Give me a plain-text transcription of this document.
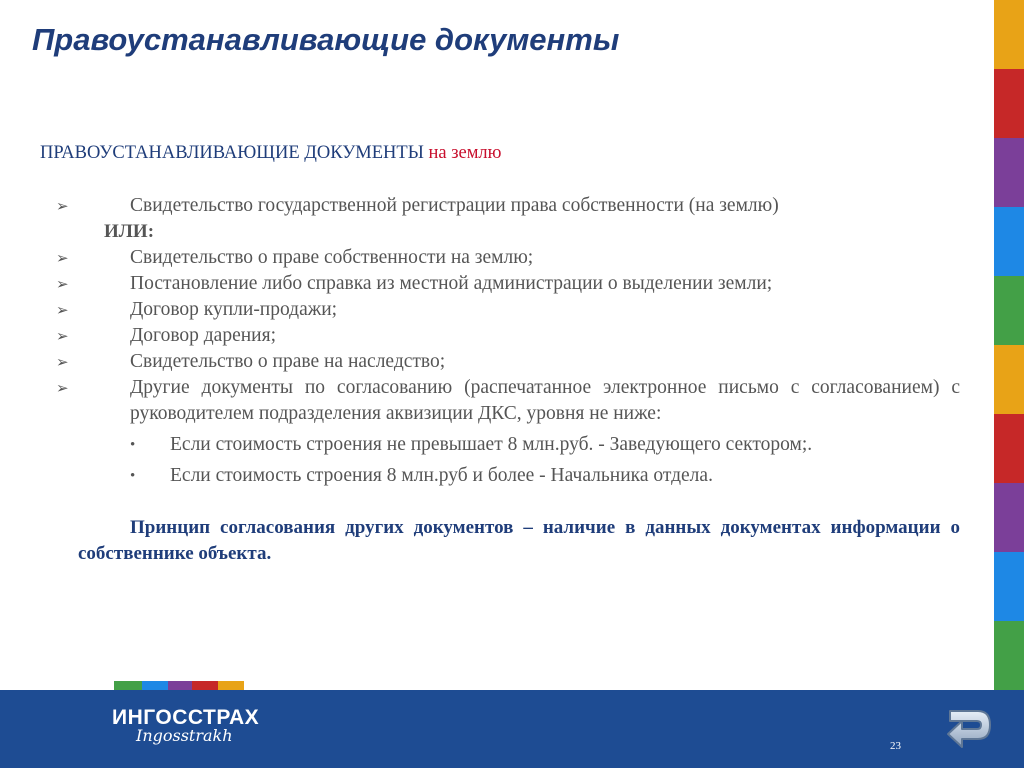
Правоустанавливающие документы
ПРАВОУСТАНАВЛИВАЮЩИЕ ДОКУМЕНТЫ на землю
➢	Свидетельство государственной регистрации права собственности (на землю)
ИЛИ:
➢	Свидетельство о праве собственности на землю;
➢	Постановление либо справка из местной администрации о выделении земли;
➢	Договор купли-продажи;
➢	Договор дарения;
➢	Свидетельство о праве на наследство;
➢	Другие документы по согласованию (распечатанное электронное письмо с согласованием) с руководителем подразделения аквизиции ДКС, уровня не ниже:
• Если стоимость строения не превышает 8 млн.руб. - Заведующего сектором;.
• Если стоимость строения 8 млн.руб и более - Начальника отдела.
Принцип согласования других документов – наличие в данных документах информации о собственнике объекта.
ИНГОССТРАХ
Ingosstrakh
23
